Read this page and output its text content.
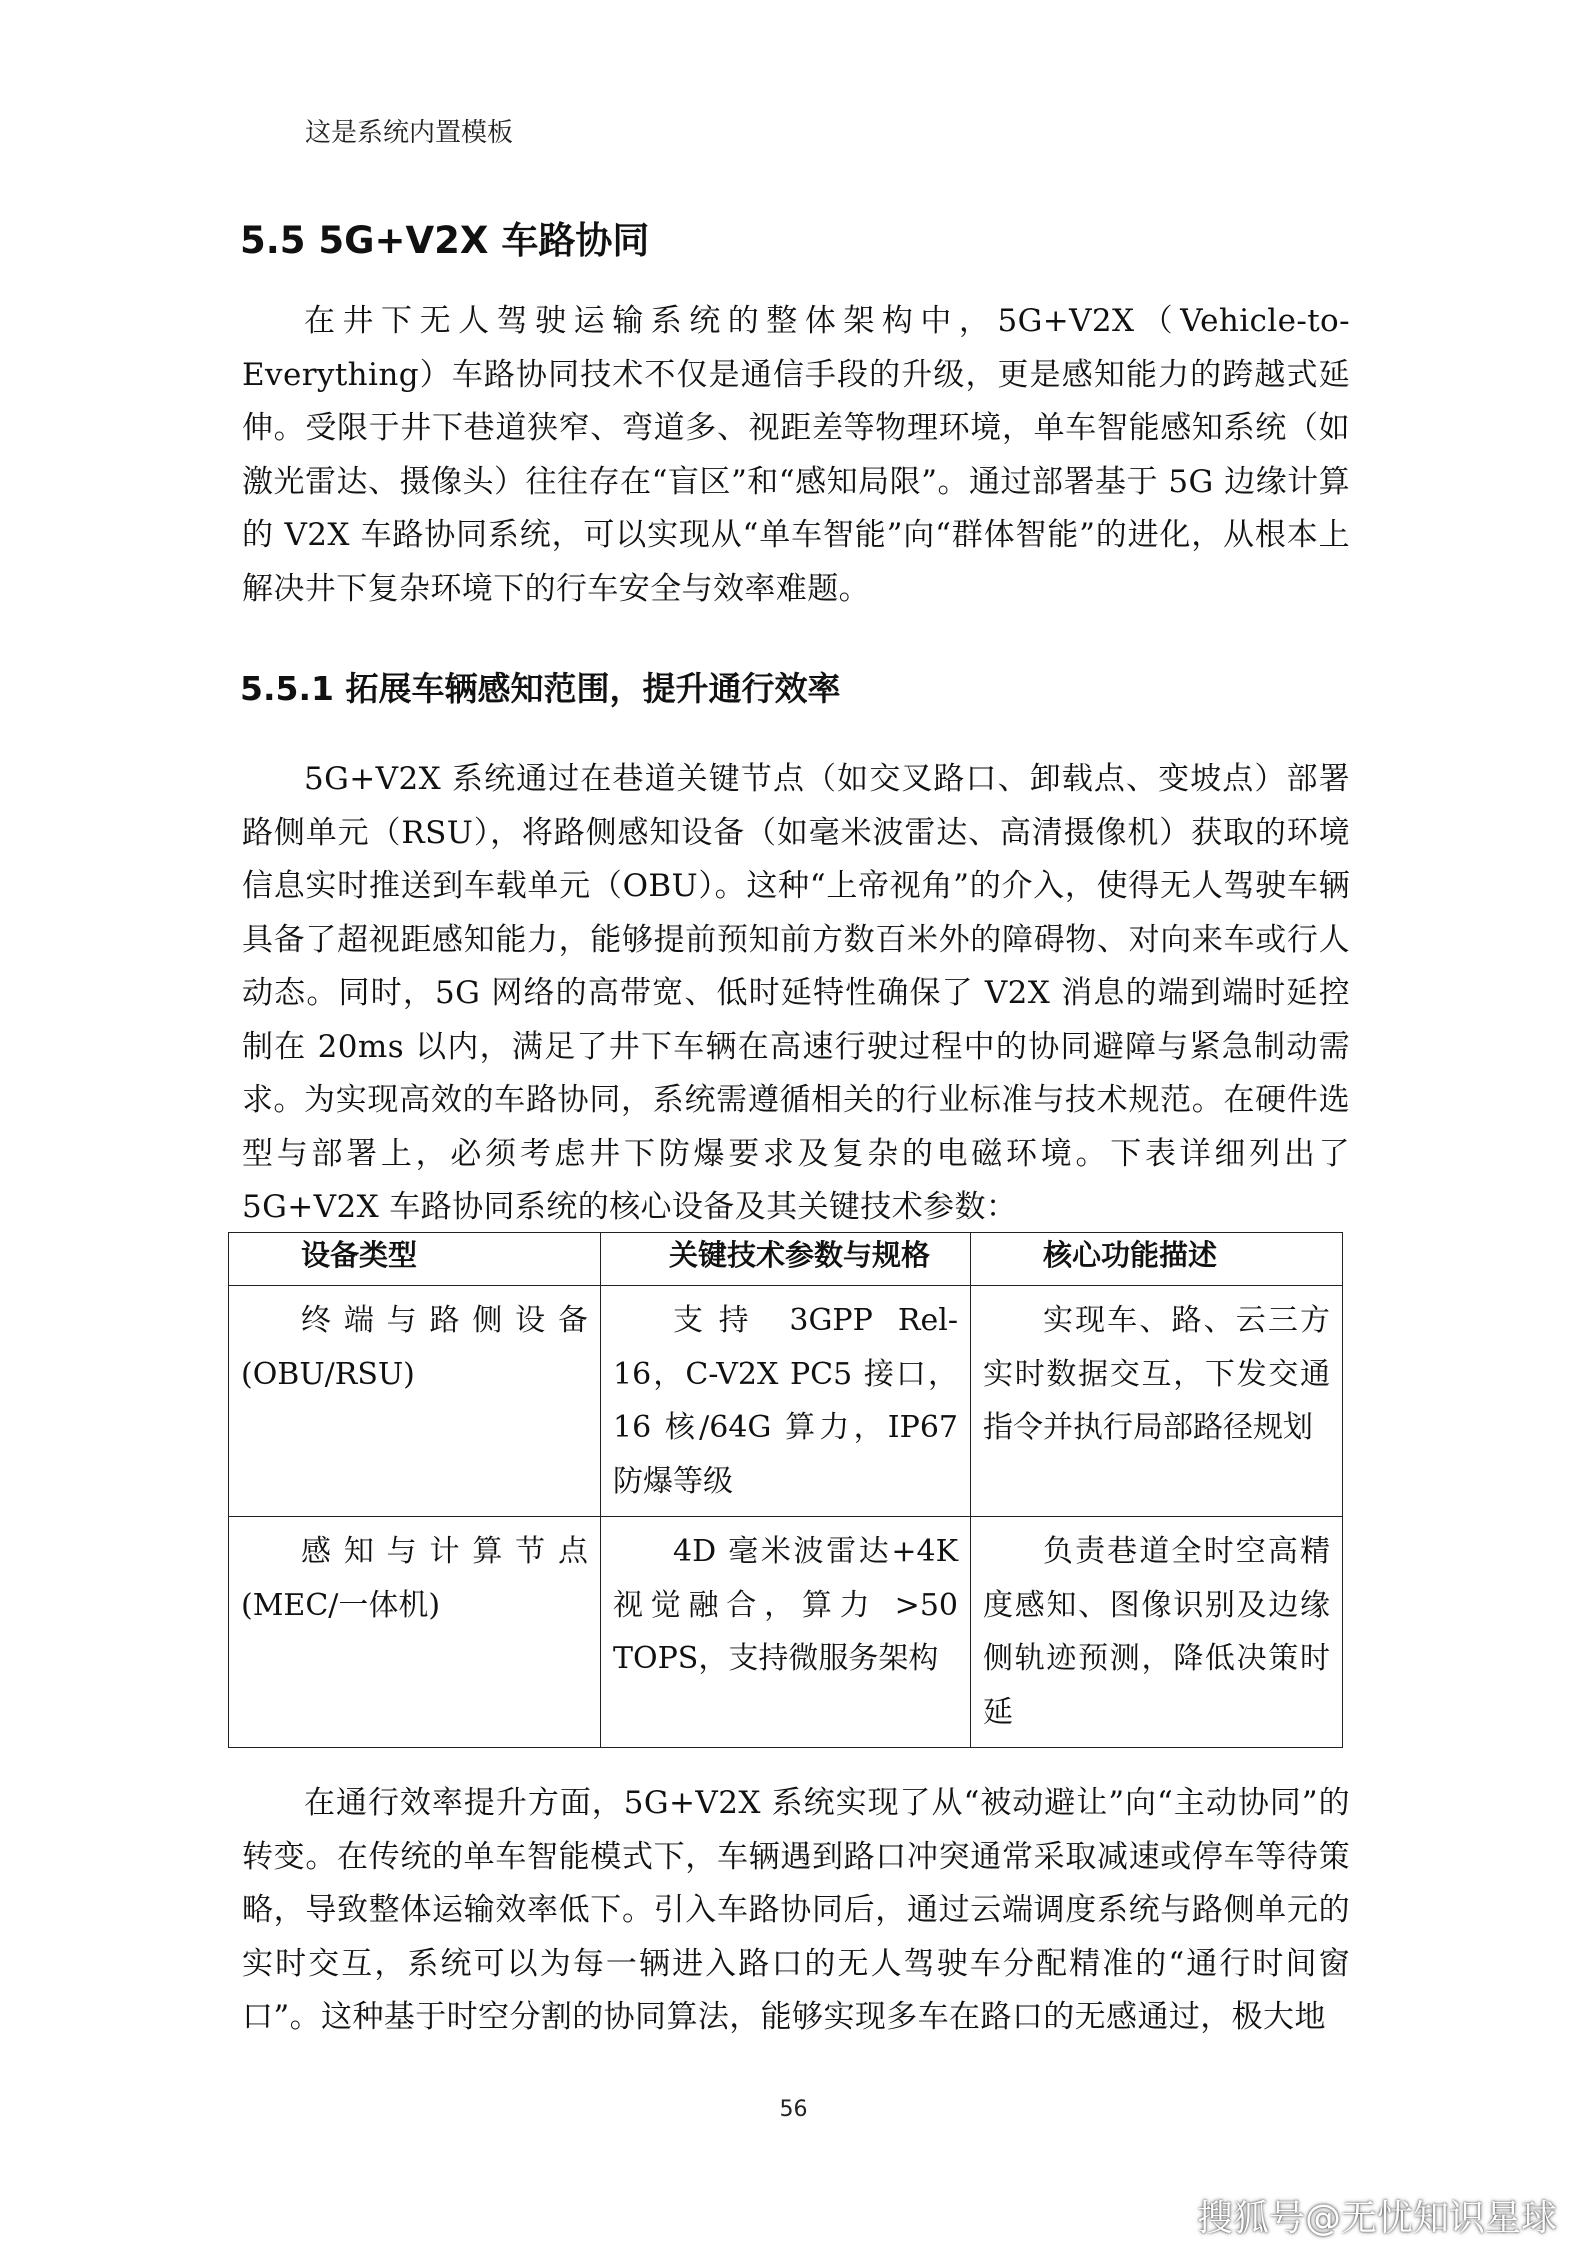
这是系统内置模板
5.5 5G+V2X 车路协同

在井下无人驾驶运输系统的整体架构中，5G+V2X（Vehicle-to-Everything）车路协同技术不仅是通信手段的升级，更是感知能力的跨越式延伸。受限于井下巷道狭窄、弯道多、视距差等物理环境，单车智能感知系统（如激光雷达、摄像头）往往存在“盲区”和“感知局限”。通过部署基于 5G 边缘计算的 V2X 车路协同系统，可以实现从“单车智能”向“群体智能”的进化，从根本上解决井下复杂环境下的行车安全与效率难题。

5.5.1 拓展车辆感知范围，提升通行效率

5G+V2X 系统通过在巷道关键节点（如交叉路口、卸载点、变坡点）部署路侧单元（RSU），将路侧感知设备（如毫米波雷达、高清摄像机）获取的环境信息实时推送到车载单元（OBU）。这种“上帝视角”的介入，使得无人驾驶车辆具备了超视距感知能力，能够提前预知前方数百米外的障碍物、对向来车或行人动态。同时，5G 网络的高带宽、低时延特性确保了 V2X 消息的端到端时延控制在 20ms 以内，满足了井下车辆在高速行驶过程中的协同避障与紧急制动需求。 为实现高效的车路协同，系统需遵循相关的行业标准与技术规范。在硬件选型与部署上，必须考虑井下防爆要求及复杂的电磁环境。下表详细列出了 5G+V2X 车路协同系统的核心设备及其关键技术参数：

设备类型	关键技术参数与规格	核心功能描述

终端与路侧设备(OBU/RSU)	支持 3GPP Rel-16，C-V2X PC5 接口，16 核/64G 算力，IP67 防爆等级	实现车、路、云三方实时数据交互，下发交通指令并执行局部路径规划

感知与计算节点(MEC/一体机)	4D 毫米波雷达+4K 视觉融合，算力 >50 TOPS，支持微服务架构	负责巷道全时空高精度感知、图像识别及边缘侧轨迹预测，降低决策时延

在通行效率提升方面，5G+V2X 系统实现了从“被动避让”向“主动协同”的转变。在传统的单车智能模式下，车辆遇到路口冲突通常采取减速或停车等待策略，导致整体运输效率低下。引入车路协同后，通过云端调度系统与路侧单元的实时交互，系统可以为每一辆进入路口的无人驾驶车分配精准的“通行时间窗口”。这种基于时空分割的协同算法，能够实现多车在路口的无感通过，极大地

56
搜狐号@无忧知识星球
